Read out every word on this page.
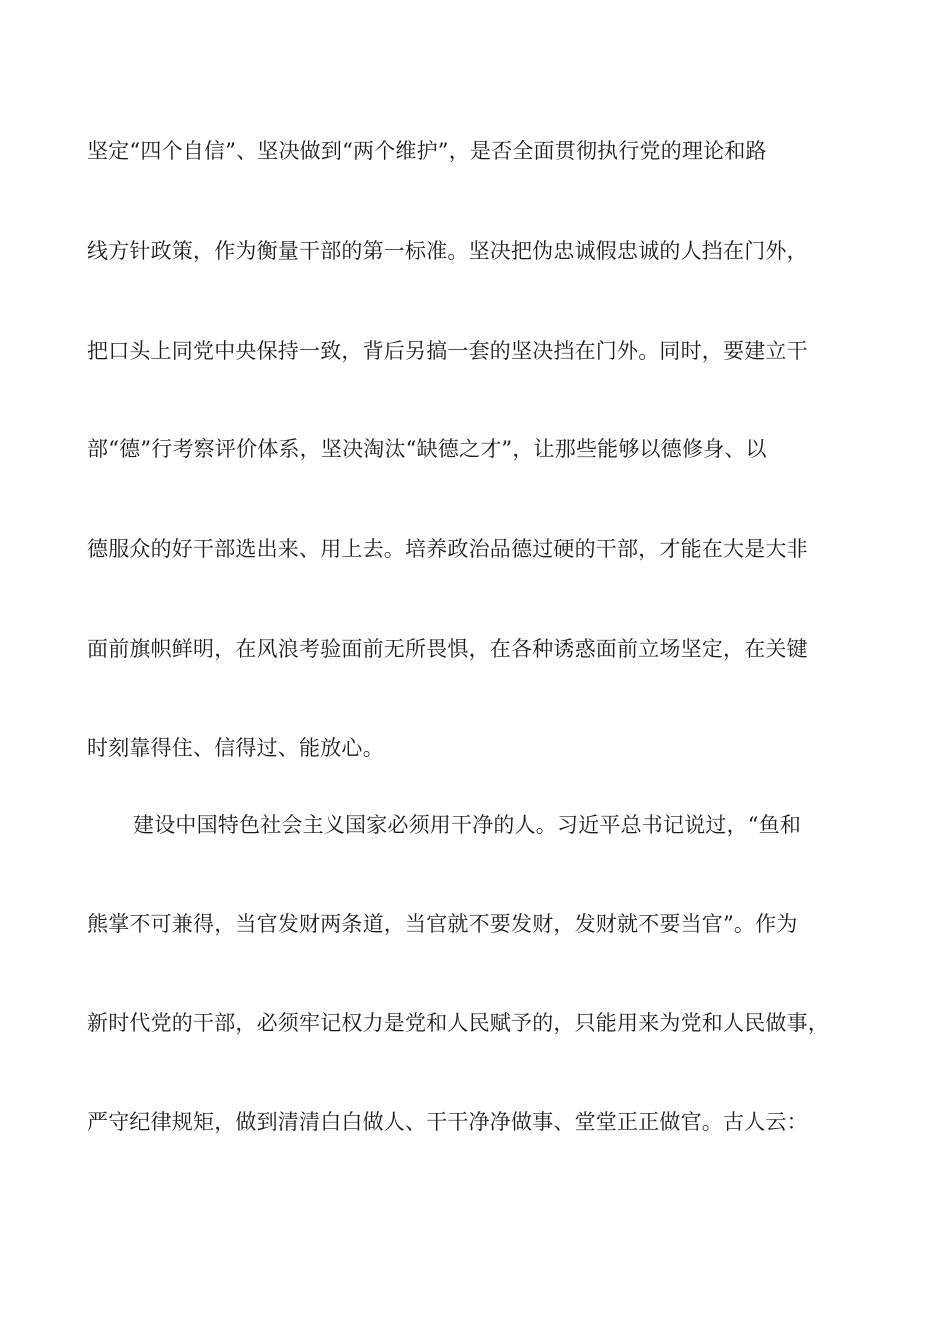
坚定“四个自信”、坚决做到“两个维护”，是否全面贯彻执行党的理论和路
线方针政策，作为衡量干部的第一标准。坚决把伪忠诚假忠诚的人挡在门外，
把口头上同党中央保持一致，背后另搞一套的坚决挡在门外。同时，要建立干
部“德”行考察评价体系，坚决淘汰“缺德之才”，让那些能够以德修身、以
德服众的好干部选出来、用上去。培养政治品德过硬的干部，才能在大是大非
面前旗帜鲜明，在风浪考验面前无所畏惧，在各种诱惑面前立场坚定，在关键
时刻靠得住、信得过、能放心。
建设中国特色社会主义国家必须用干净的人。习近平总书记说过，“鱼和
熊掌不可兼得，当官发财两条道，当官就不要发财，发财就不要当官”。作为
新时代党的干部，必须牢记权力是党和人民赋予的，只能用来为党和人民做事，
严守纪律规矩，做到清清白白做人、干干净净做事、堂堂正正做官。古人云：
